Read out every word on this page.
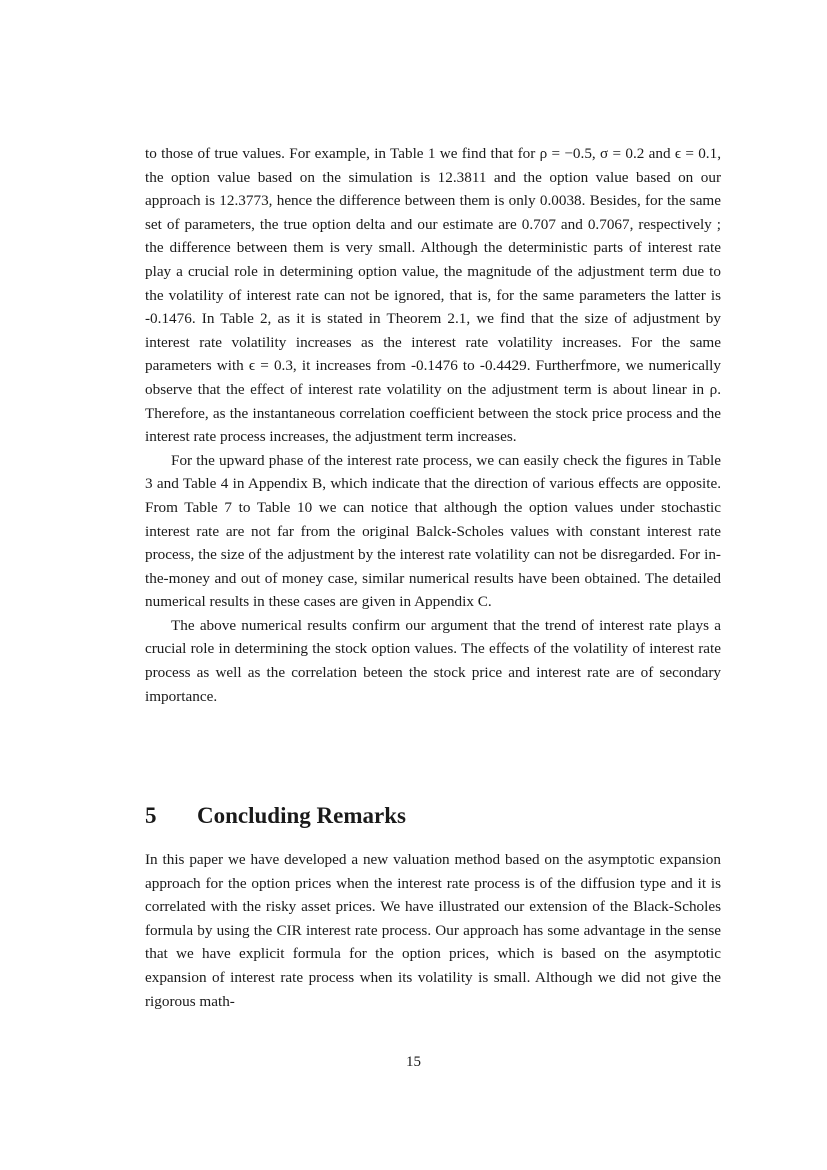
to those of true values. For example, in Table 1 we find that for ρ = −0.5, σ = 0.2 and ϵ = 0.1, the option value based on the simulation is 12.3811 and the option value based on our approach is 12.3773, hence the difference between them is only 0.0038. Besides, for the same set of parameters, the true option delta and our estimate are 0.707 and 0.7067, respectively ; the difference between them is very small. Although the deterministic parts of interest rate play a crucial role in determining option value, the magnitude of the adjustment term due to the volatility of interest rate can not be ignored, that is, for the same parameters the latter is -0.1476. In Table 2, as it is stated in Theorem 2.1, we find that the size of adjustment by interest rate volatility increases as the interest rate volatility increases. For the same parameters with ϵ = 0.3, it increases from -0.1476 to -0.4429. Furtherfmore, we numerically observe that the effect of interest rate volatility on the adjustment term is about linear in ρ. Therefore, as the instantaneous correlation coefficient between the stock price process and the interest rate process increases, the adjustment term increases.

For the upward phase of the interest rate process, we can easily check the figures in Table 3 and Table 4 in Appendix B, which indicate that the direction of various effects are opposite. From Table 7 to Table 10 we can notice that although the option values under stochastic interest rate are not far from the original Balck-Scholes values with constant interest rate process, the size of the adjustment by the interest rate volatility can not be disregarded. For in-the-money and out of money case, similar numerical results have been obtained. The detailed numerical results in these cases are given in Appendix C.

The above numerical results confirm our argument that the trend of interest rate plays a crucial role in determining the stock option values. The effects of the volatility of interest rate process as well as the correlation beteen the stock price and interest rate are of secondary importance.

5 Concluding Remarks

In this paper we have developed a new valuation method based on the asymptotic expansion approach for the option prices when the interest rate process is of the diffusion type and it is correlated with the risky asset prices. We have illustrated our extension of the Black-Scholes formula by using the CIR interest rate process. Our approach has some advantage in the sense that we have explicit formula for the option prices, which is based on the asymptotic expansion of interest rate process when its volatility is small. Although we did not give the rigorous math-

15
